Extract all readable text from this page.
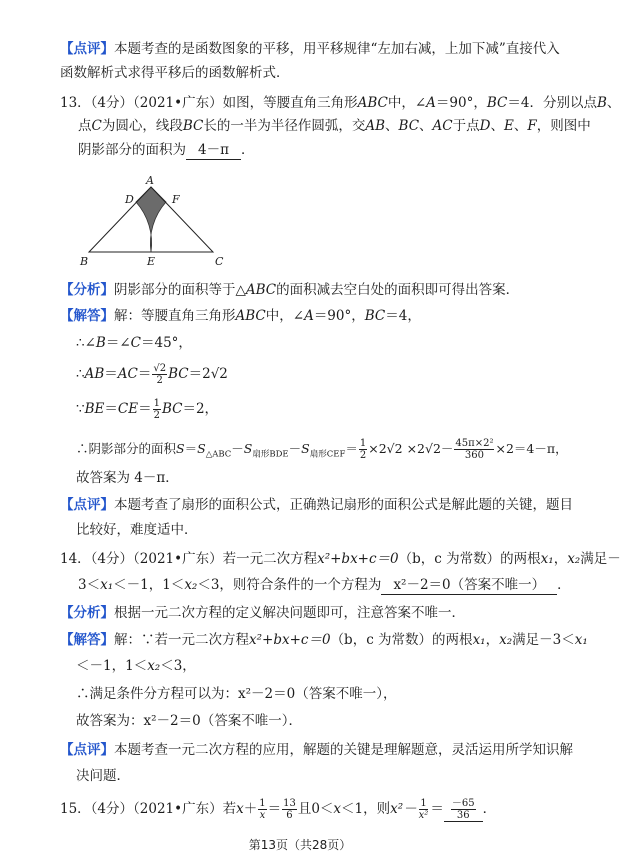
【点评】本题考查的是函数图象的平移，用平移规律“左加右减，上加下减”直接代入
函数解析式求得平移后的函数解析式．
13．（4分）（2021•广东）如图，等腰直角三角形ABC中，∠A＝90°，BC＝4．分别以点B、
点C为圆心，线段BC长的一半为半径作圆弧，交AB、BC、AC于点D、E、F，则图中
阴影部分的面积为 4－π ．
A
D	F
B	E	C
【分析】阴影部分的面积等于△ABC的面积减去空白处的面积即可得出答案．
【解答】解：等腰直角三角形ABC中，∠A＝90°，BC＝4，
∴∠B＝∠C＝45°，
∴AB＝AC＝ $\frac{√2}{2} BC=2√2$
∵BE＝CE＝ $\frac{1}{2} BC=2$，
∴阴影部分的面积$S=S_{\triangle ABC}-S_{扇形BDE}-S_{扇形CEF}= \frac{1}{2} \times 2√2 \times 2√2- \frac{\text{45π×2²}}{360} \times 2=4-\pi$，
故答案为 4－π．
【点评】本题考查了扇形的面积公式，正确熟记扇形的面积公式是解此题的关键，题目
比较好，难度适中．
14．（4分）（2021•广东）若一元二次方程x²+bx+c＝0（b，c 为常数）的两根x₁，x₂满足－
3＜x₁＜－1，1＜x₂＜3，则符合条件的一个方程为 x²－2＝0（答案不唯一） ．
【分析】根据一元二次方程的定义解决问题即可，注意答案不唯一．
【解答】解：∵若一元二次方程x²+bx+c＝0（b，c 为常数）的两根x₁，x₂满足－3＜x₁
＜－1，1＜x₂＜3，
∴满足条件分方程可以为：x²－2＝0（答案不唯一），
故答案为：x²－2＝0（答案不唯一）．
【点评】本题考查一元二次方程的应用，解题的关键是理解题意，灵活运用所学知识解
决问题．
15．（4分）（2021•广东）若$x+ \frac{1}{x} = \frac{13}{6}$ 且0＜x＜1，则$x^2- \frac{1}{\text{x²}} = \frac{-65}{36}$ ．
第13页（共28页）
